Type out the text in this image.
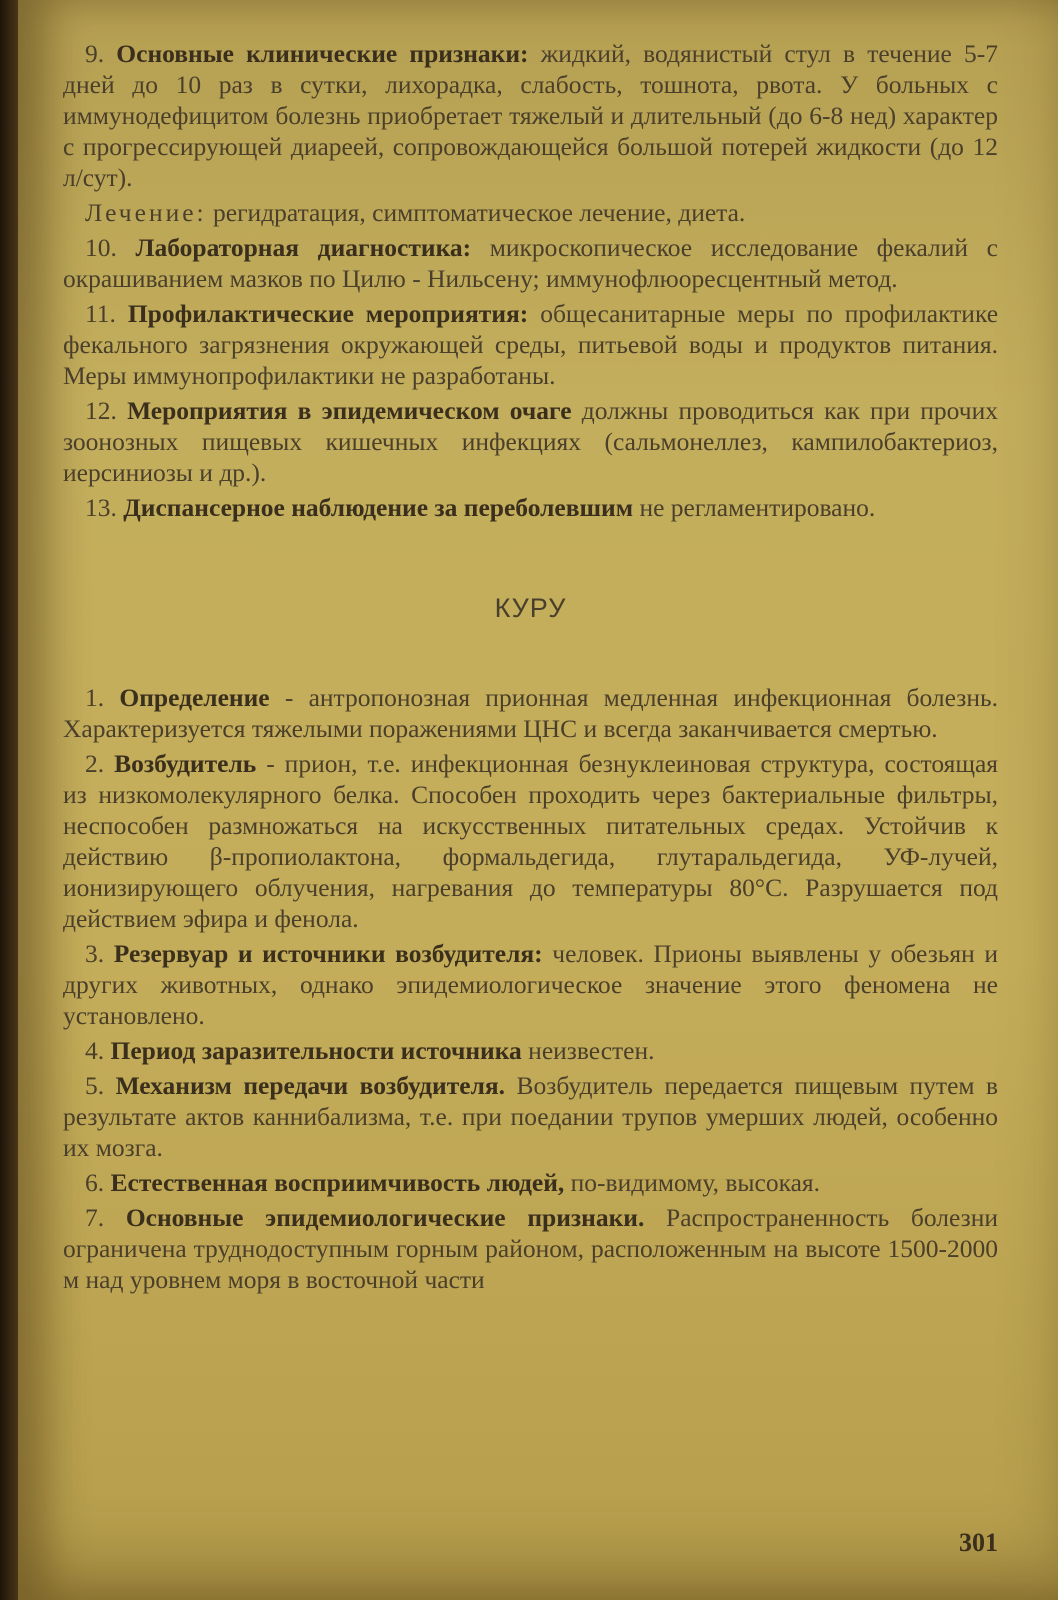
9. Основные клинические признаки: жидкий, водянистый стул в течение 5-7 дней до 10 раз в сутки, лихорадка, слабость, тошнота, рвота. У больных с иммунодефицитом болезнь приобретает тяжелый и длительный (до 6-8 нед) характер с прогрессирующей диареей, сопровождающейся большой потерей жидкости (до 12 л/сут).

Лечение: регидратация, симптоматическое лечение, диета.

10. Лабораторная диагностика: микроскопическое исследование фекалий с окрашиванием мазков по Цилю - Нильсену; иммунофлюоресцентный метод.

11. Профилактические мероприятия: общесанитарные меры по профилактике фекального загрязнения окружающей среды, питьевой воды и продуктов питания. Меры иммунопрофилактики не разработаны.

12. Мероприятия в эпидемическом очаге должны проводиться как при прочих зоонозных пищевых кишечных инфекциях (сальмонеллез, кампилобактериоз, иерсиниозы и др.).

13. Диспансерное наблюдение за переболевшим не регламентировано.

КУРУ

1. Определение - антропонозная прионная медленная инфекционная болезнь. Характеризуется тяжелыми поражениями ЦНС и всегда заканчивается смертью.

2. Возбудитель - прион, т.е. инфекционная безнуклеиновая структура, состоящая из низкомолекулярного белка. Способен проходить через бактериальные фильтры, неспособен размножаться на искусственных питательных средах. Устойчив к действию β-пропиолактона, формальдегида, глутаральдегида, УФ-лучей, ионизирующего облучения, нагревания до температуры 80°С. Разрушается под действием эфира и фенола.

3. Резервуар и источники возбудителя: человек. Прионы выявлены у обезьян и других животных, однако эпидемиологическое значение этого феномена не установлено.

4. Период заразительности источника неизвестен.

5. Механизм передачи возбудителя. Возбудитель передается пищевым путем в результате актов каннибализма, т.е. при поедании трупов умерших людей, особенно их мозга.

6. Естественная восприимчивость людей, по-видимому, высокая.

7. Основные эпидемиологические признаки. Распространенность болезни ограничена труднодоступным горным районом, расположенным на высоте 1500-2000 м над уровнем моря в восточной части

301
